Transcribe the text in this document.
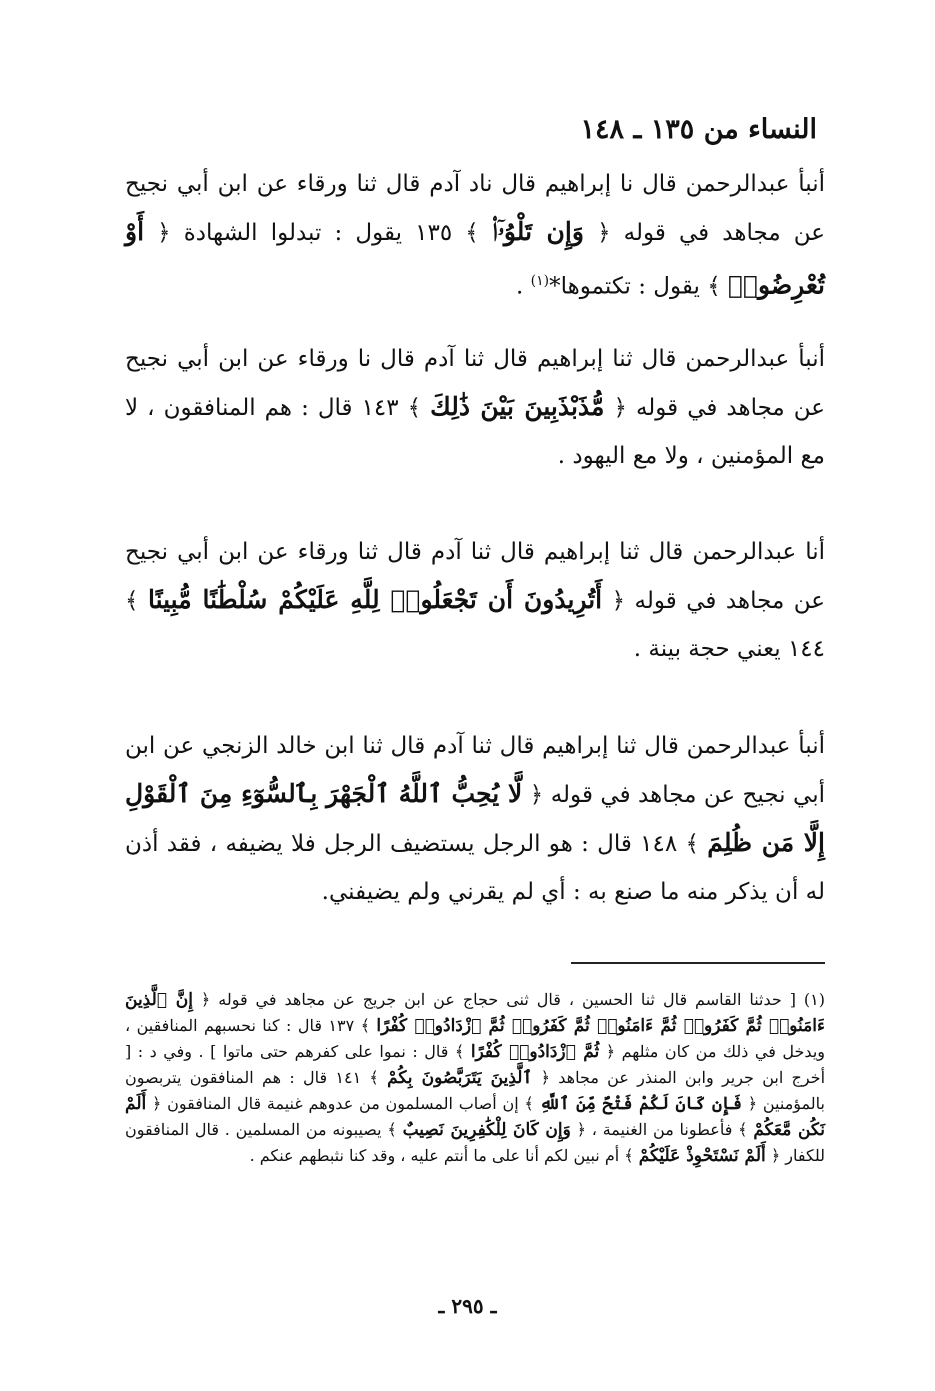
النساء من ١٣٥ ـ ١٤٨

أنبأ عبدالرحمن قال نا إبراهيم قال ناد آدم قال ثنا ورقاء عن ابن أبي نجيح عن مجاهد في قوله ﴿ وَإِن تَلْوُۥٓا۟ ﴾ ١٣٥ يقول : تبدلوا الشهادة ﴿ أَوْ تُعْرِضُوا۟ ﴾ يقول : تكتموها*$^{(١)}$ .

أنبأ عبدالرحمن قال ثنا إبراهيم قال ثنا آدم قال نا ورقاء عن ابن أبي نجيح عن مجاهد في قوله ﴿ مُّذَبْذَبِينَ بَيْنَ ذَٰلِكَ ﴾ ١٤٣ قال : هم المنافقون ، لا مع المؤمنين ، ولا مع اليهود .

أنا عبدالرحمن قال ثنا إبراهيم قال ثنا آدم قال ثنا ورقاء عن ابن أبي نجيح عن مجاهد في قوله ﴿ أَتُرِيدُونَ أَن تَجْعَلُوا۟ لِلَّهِ عَلَيْكُمْ سُلْطَٰنًا مُّبِينًا ﴾ ١٤٤ يعني حجة بينة .

أنبأ عبدالرحمن قال ثنا إبراهيم قال ثنا آدم قال ثنا ابن خالد الزنجي عن ابن أبي نجيح عن مجاهد في قوله ﴿ لَّا يُحِبُّ ٱللَّهُ ٱلْجَهْرَ بِٱلسُّوٓءِ مِنَ ٱلْقَوْلِ إِلَّا مَن ظُلِمَ ﴾ ١٤٨ قال : هو الرجل يستضيف الرجل فلا يضيفه ، فقد أذن له أن يذكر منه ما صنع به : أي لم يقرني ولم يضيفني.

(١) [ حدثنا القاسم قال ثنا الحسين ، قال ثنى حجاج عن ابن جريج عن مجاهد في قوله ﴿ إِنَّ ٱلَّذِينَ ءَامَنُوا۟ ثُمَّ كَفَرُوا۟ ثُمَّ ءَامَنُوا۟ ثُمَّ كَفَرُوا۟ ثُمَّ ٱزْدَادُوا۟ كُفْرًا ﴾ ١٣٧ قال : كنا نحسبهم المنافقين ، ويدخل في ذلك من كان مثلهم ﴿ ثُمَّ ٱزْدَادُوا۟ كُفْرًا ﴾ قال : نموا على كفرهم حتى ماتوا ] . وفي د : [ أخرج ابن جرير وابن المنذر عن مجاهد ﴿ ٱلَّذِينَ يَتَرَبَّصُونَ بِكُمْ ﴾ ١٤١ قال : هم المنافقون يتربصون بالمؤمنين ﴿ فَإِن كَانَ لَكُمْ فَتْحٌ مِّنَ ٱللَّهِ ﴾ إن أصاب المسلمون من عدوهم غنيمة قال المنافقون ﴿ أَلَمْ نَكُن مَّعَكُمْ ﴾ فأعطونا من الغنيمة ، ﴿ وَإِن كَانَ لِلْكَٰفِرِينَ نَصِيبٌ ﴾ يصيبونه من المسلمين . قال المنافقون للكفار ﴿ أَلَمْ نَسْتَحْوِذْ عَلَيْكُمْ ﴾ أم نبين لكم أنا على ما أنتم عليه ، وقد كنا نثبطهم عنكم .

ـ ٢٩٥ ـ
